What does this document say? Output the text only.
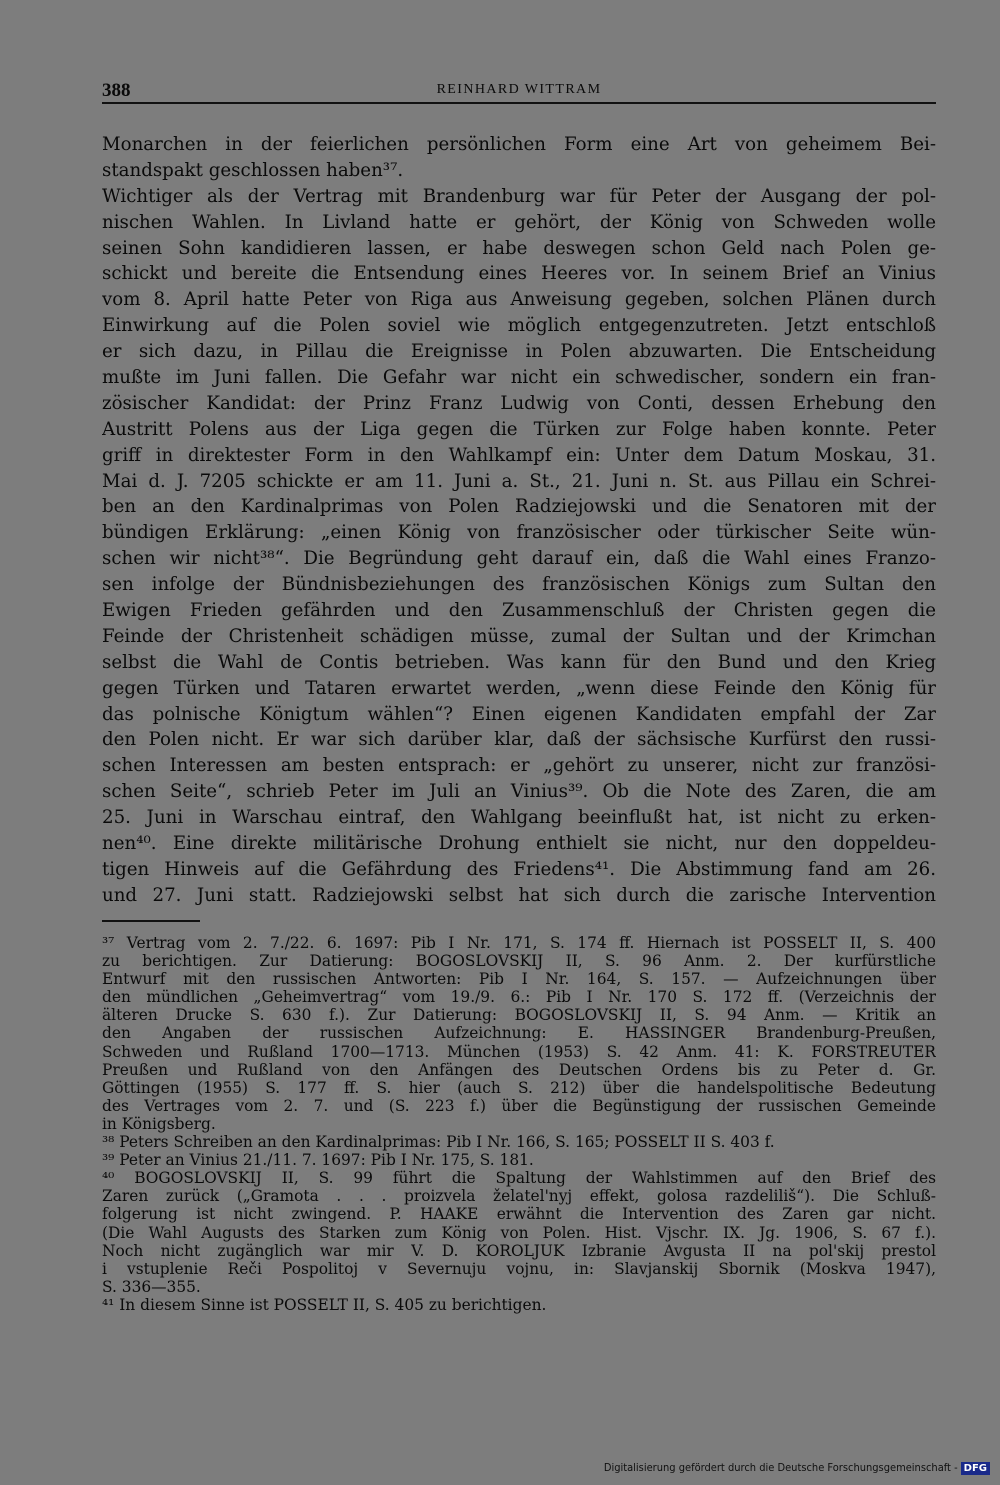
388	REINHARD WITTRAM
Monarchen in der feierlichen persönlichen Form eine Art von geheimem Bei-
standspakt geschlossen haben³⁷.
Wichtiger als der Vertrag mit Brandenburg war für Peter der Ausgang der pol-
nischen Wahlen. In Livland hatte er gehört, der König von Schweden wolle
seinen Sohn kandidieren lassen, er habe deswegen schon Geld nach Polen ge-
schickt und bereite die Entsendung eines Heeres vor. In seinem Brief an Vinius
vom 8. April hatte Peter von Riga aus Anweisung gegeben, solchen Plänen durch
Einwirkung auf die Polen soviel wie möglich entgegenzutreten. Jetzt entschloß
er sich dazu, in Pillau die Ereignisse in Polen abzuwarten. Die Entscheidung
mußte im Juni fallen. Die Gefahr war nicht ein schwedischer, sondern ein fran-
zösischer Kandidat: der Prinz Franz Ludwig von Conti, dessen Erhebung den
Austritt Polens aus der Liga gegen die Türken zur Folge haben konnte. Peter
griff in direktester Form in den Wahlkampf ein: Unter dem Datum Moskau, 31.
Mai d. J. 7205 schickte er am 11. Juni a. St., 21. Juni n. St. aus Pillau ein Schrei-
ben an den Kardinalprimas von Polen Radziejowski und die Senatoren mit der
bündigen Erklärung: „einen König von französischer oder türkischer Seite wün-
schen wir nicht³⁸“. Die Begründung geht darauf ein, daß die Wahl eines Franzo-
sen infolge der Bündnisbeziehungen des französischen Königs zum Sultan den
Ewigen Frieden gefährden und den Zusammenschluß der Christen gegen die
Feinde der Christenheit schädigen müsse, zumal der Sultan und der Krimchan
selbst die Wahl de Contis betrieben. Was kann für den Bund und den Krieg
gegen Türken und Tataren erwartet werden, „wenn diese Feinde den König für
das polnische Königtum wählen“? Einen eigenen Kandidaten empfahl der Zar
den Polen nicht. Er war sich darüber klar, daß der sächsische Kurfürst den russi-
schen Interessen am besten entsprach: er „gehört zu unserer, nicht zur französi-
schen Seite“, schrieb Peter im Juli an Vinius³⁹. Ob die Note des Zaren, die am
25. Juni in Warschau eintraf, den Wahlgang beeinflußt hat, ist nicht zu erken-
nen⁴⁰. Eine direkte militärische Drohung enthielt sie nicht, nur den doppeldeu-
tigen Hinweis auf die Gefährdung des Friedens⁴¹. Die Abstimmung fand am 26.
und 27. Juni statt. Radziejowski selbst hat sich durch die zarische Intervention
³⁷ Vertrag vom 2. 7./22. 6. 1697: Pib I Nr. 171, S. 174 ff. Hiernach ist POSSELT II, S. 400
zu berichtigen. Zur Datierung: BOGOSLOVSKIJ II, S. 96 Anm. 2. Der kurfürstliche
Entwurf mit den russischen Antworten: Pib I Nr. 164, S. 157. — Aufzeichnungen über
den mündlichen „Geheimvertrag“ vom 19./9. 6.: Pib I Nr. 170 S. 172 ff. (Verzeichnis der
älteren Drucke S. 630 f.). Zur Datierung: BOGOSLOVSKIJ II, S. 94 Anm. — Kritik an
den Angaben der russischen Aufzeichnung: E. HASSINGER Brandenburg-Preußen,
Schweden und Rußland 1700—1713. München (1953) S. 42 Anm. 41: K. FORSTREUTER
Preußen und Rußland von den Anfängen des Deutschen Ordens bis zu Peter d. Gr.
Göttingen (1955) S. 177 ff. S. hier (auch S. 212) über die handelspolitische Bedeutung
des Vertrages vom 2. 7. und (S. 223 f.) über die Begünstigung der russischen Gemeinde
in Königsberg.
³⁸ Peters Schreiben an den Kardinalprimas: Pib I Nr. 166, S. 165; POSSELT II S. 403 f.
³⁹ Peter an Vinius 21./11. 7. 1697: Pib I Nr. 175, S. 181.
⁴⁰ BOGOSLOVSKIJ II, S. 99 führt die Spaltung der Wahlstimmen auf den Brief des
Zaren zurück („Gramota . . . proizvela želatel'nyj effekt, golosa razdeliliš“). Die Schluß-
folgerung ist nicht zwingend. P. HAAKE erwähnt die Intervention des Zaren gar nicht.
(Die Wahl Augusts des Starken zum König von Polen. Hist. Vjschr. IX. Jg. 1906, S. 67 f.).
Noch nicht zugänglich war mir V. D. KOROLJUK Izbranie Avgusta II na pol'skij prestol
i vstuplenie Reči Pospolitoj v Severnuju vojnu, in: Slavjanskij Sbornik (Moskva 1947),
S. 336—355.
⁴¹ In diesem Sinne ist POSSELT II, S. 405 zu berichtigen.
Digitalisierung gefördert durch die Deutsche Forschungsgemeinschaft - DFG
